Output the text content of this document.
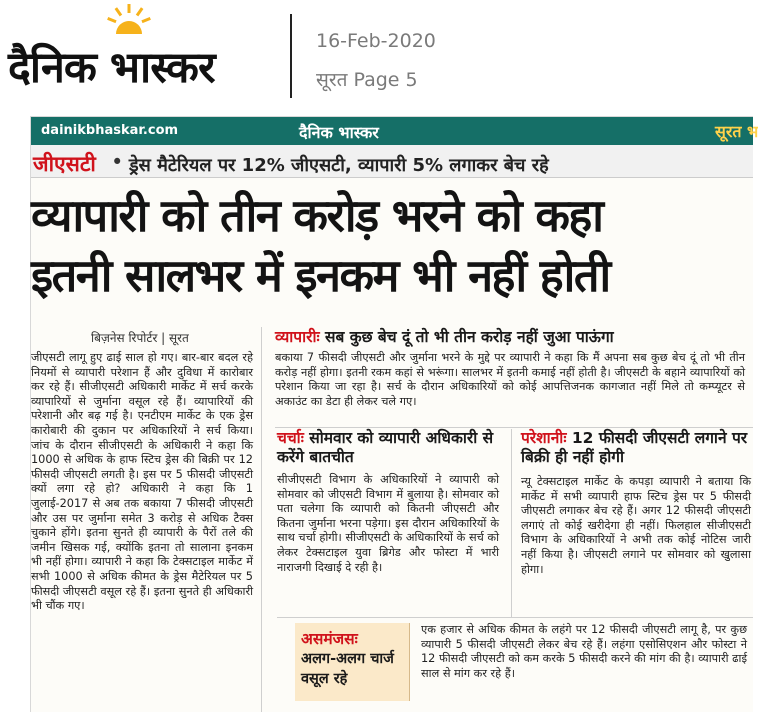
दैनिक भास्कर
16-Feb-2020
सूरत Page 5
dainikbhaskar.com	दैनिक भास्कर	सूरत भ
जीएसटी • ड्रेस मैटेरियल पर 12% जीएसटी, व्यापारी 5% लगाकर बेच रहे
व्यापारी को तीन करोड़ भरने को कहा
इतनी सालभर में इनकम भी नहीं होती
बिज़नेस रिपोर्टर | सूरत
जीएसटी लागू हुए ढाई साल हो गए। बार-बार बदल रहे नियमों से व्यापारी परेशान हैं और दुविधा में कारोबार कर रहे हैं। सीजीएसटी अधिकारी मार्केट में सर्च करके व्यापारियों से जुर्माना वसूल रहे हैं। व्यापारियों की परेशानी और बढ़ गई है। एनटीएम मार्केट के एक ड्रेस कारोबारी की दुकान पर अधिकारियों ने सर्च किया। जांच के दौरान सीजीएसटी के अधिकारी ने कहा कि 1000 से अधिक के हाफ स्टिच ड्रेस की बिक्री पर 12 फीसदी जीएसटी लगती है। इस पर 5 फीसदी जीएसटी क्यों लगा रहे हो? अधिकारी ने कहा कि 1 जुलाई-2017 से अब तक बकाया 7 फीसदी जीएसटी और उस पर जुर्माना समेत 3 करोड़ से अधिक टैक्स चुकाने होंगे। इतना सुनते ही व्यापारी के पैरों तले की जमीन खिसक गई, क्योंकि इतना तो सालाना इनकम भी नहीं होगा। व्यापारी ने कहा कि टेक्सटाइल मार्केट में सभी 1000 से अधिक कीमत के ड्रेस मैटेरियल पर 5 फीसदी जीएसटी वसूल रहे हैं। इतना सुनते ही अधिकारी भी चौंक गए।
व्यापारीः सब कुछ बेच दूं तो भी तीन करोड़ नहीं जुआ पाऊंगा
बकाया 7 फीसदी जीएसटी और जुर्माना भरने के मुद्दे पर व्यापारी ने कहा कि मैं अपना सब कुछ बेच दूं तो भी तीन करोड़ नहीं होगा। इतनी रकम कहां से भरूंगा। सालभर में इतनी कमाई नहीं होती है। जीएसटी के बहाने व्यापारियों को परेशान किया जा रहा है। सर्च के दौरान अधिकारियों को कोई आपत्तिजनक कागजात नहीं मिले तो कम्प्यूटर से अकाउंट का डेटा ही लेकर चले गए।
चर्चाः सोमवार को व्यापारी अधिकारी से करेंगे बातचीत
सीजीएसटी विभाग के अधिकारियों ने व्यापारी को सोमवार को जीएसटी विभाग में बुलाया है। सोमवार को पता चलेगा कि व्यापारी को कितनी जीएसटी और कितना जुर्माना भरना पड़ेगा। इस दौरान अधिकारियों के साथ चर्चा होगी। सीजीएसटी के अधिकारियों के सर्च को लेकर टेक्सटाइल युवा ब्रिगेड और फोस्टा में भारी नाराजगी दिखाई दे रही है।
परेशानीः 12 फीसदी जीएसटी लगाने पर बिक्री ही नहीं होगी
न्यू टेक्सटाइल मार्केट के कपड़ा व्यापारी ने बताया कि मार्केट में सभी व्यापारी हाफ स्टिच ड्रेस पर 5 फीसदी जीएसटी लगाकर बेच रहे हैं। अगर 12 फीसदी जीएसटी लगाएं तो कोई खरीदेगा ही नहीं। फिलहाल सीजीएसटी विभाग के अधिकारियों ने अभी तक कोई नोटिस जारी नहीं किया है। जीएसटी लगाने पर सोमवार को खुलासा होगा।
असमंजसः
अलग-अलग चार्ज वसूल रहे
एक हजार से अधिक कीमत के लहंगे पर 12 फीसदी जीएसटी लागू है, पर कुछ व्यापारी 5 फीसदी जीएसटी लेकर बेच रहे हैं। लहंगा एसोसिएशन और फोस्टा ने 12 फीसदी जीएसटी को कम करके 5 फीसदी करने की मांग की है। व्यापारी ढाई साल से मांग कर रहे हैं।
